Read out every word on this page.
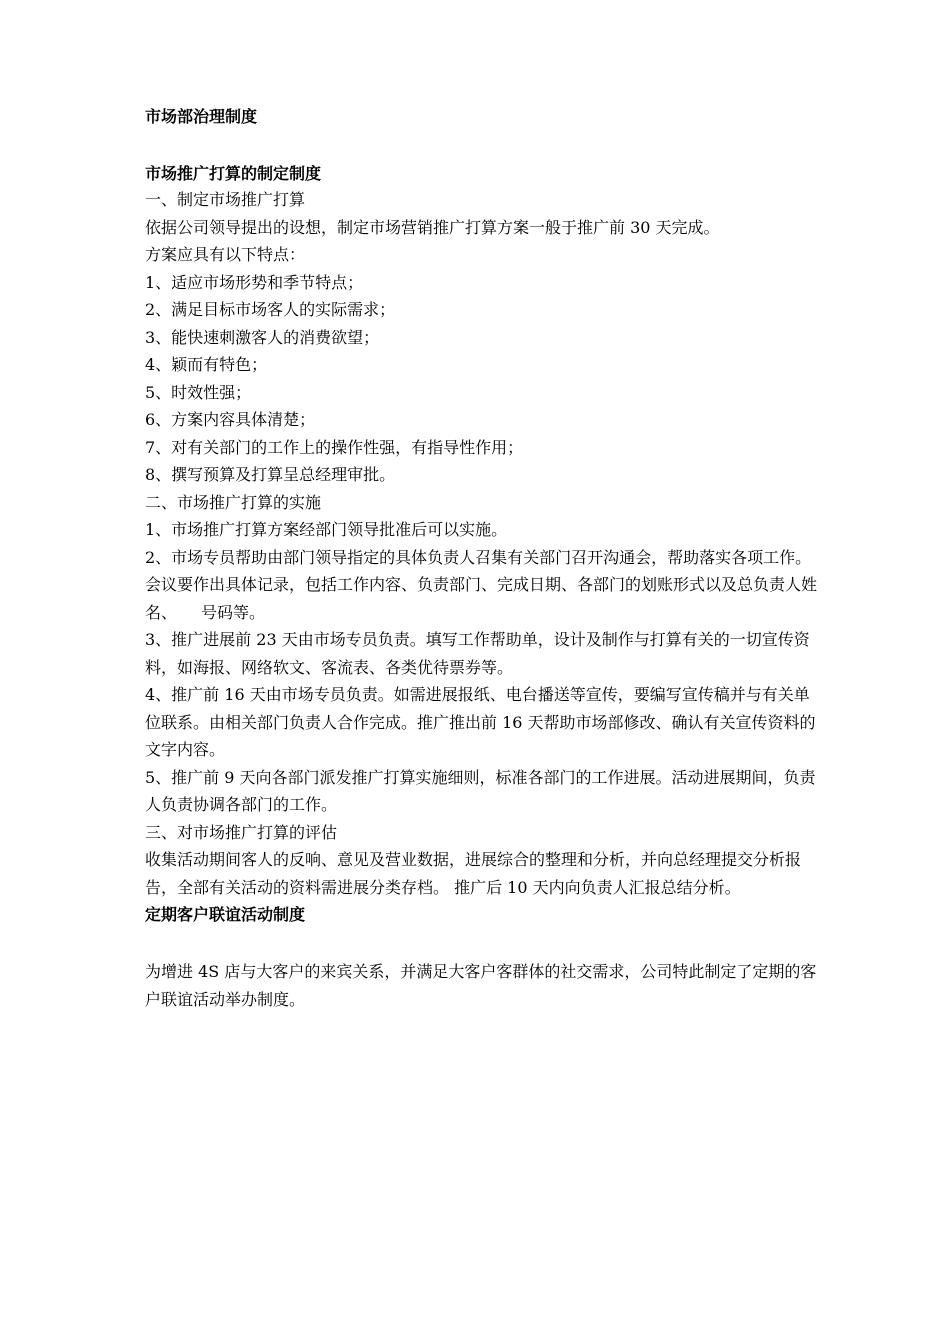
市场部治理制度

市场推广打算的制定制度

一、制定市场推广打算

依据公司领导提出的设想，制定市场营销推广打算方案一般于推广前 30 天完成。

方案应具有以下特点：

1、适应市场形势和季节特点；

2、满足目标市场客人的实际需求；

3、能快速刺激客人的消费欲望；

4、颖而有特色；

5、时效性强；

6、方案内容具体清楚；

7、对有关部门的工作上的操作性强，有指导性作用；

8、撰写预算及打算呈总经理审批。

二、市场推广打算的实施

1、市场推广打算方案经部门领导批准后可以实施。

2、市场专员帮助由部门领导指定的具体负责人召集有关部门召开沟通会，帮助落实各项工作。会议要作出具体记录，包括工作内容、负责部门、完成日期、各部门的划账形式以及总负责人姓名、　　号码等。

3、推广进展前 23 天由市场专员负责。填写工作帮助单，设计及制作与打算有关的一切宣传资料，如海报、网络软文、客流表、各类优待票券等。

4、推广前 16 天由市场专员负责。如需进展报纸、电台播送等宣传，要编写宣传稿并与有关单位联系。由相关部门负责人合作完成。推广推出前 16 天帮助市场部修改、确认有关宣传资料的文字内容。

5、推广前 9 天向各部门派发推广打算实施细则，标准各部门的工作进展。活动进展期间，负责人负责协调各部门的工作。

三、对市场推广打算的评估

收集活动期间客人的反响、意见及营业数据，进展综合的整理和分析，并向总经理提交分析报告，全部有关活动的资料需进展分类存档。 推广后 10 天内向负责人汇报总结分析。

定期客户联谊活动制度

为增进 4S 店与大客户的来宾关系，并满足大客户客群体的社交需求，公司特此制定了定期的客户联谊活动举办制度。
